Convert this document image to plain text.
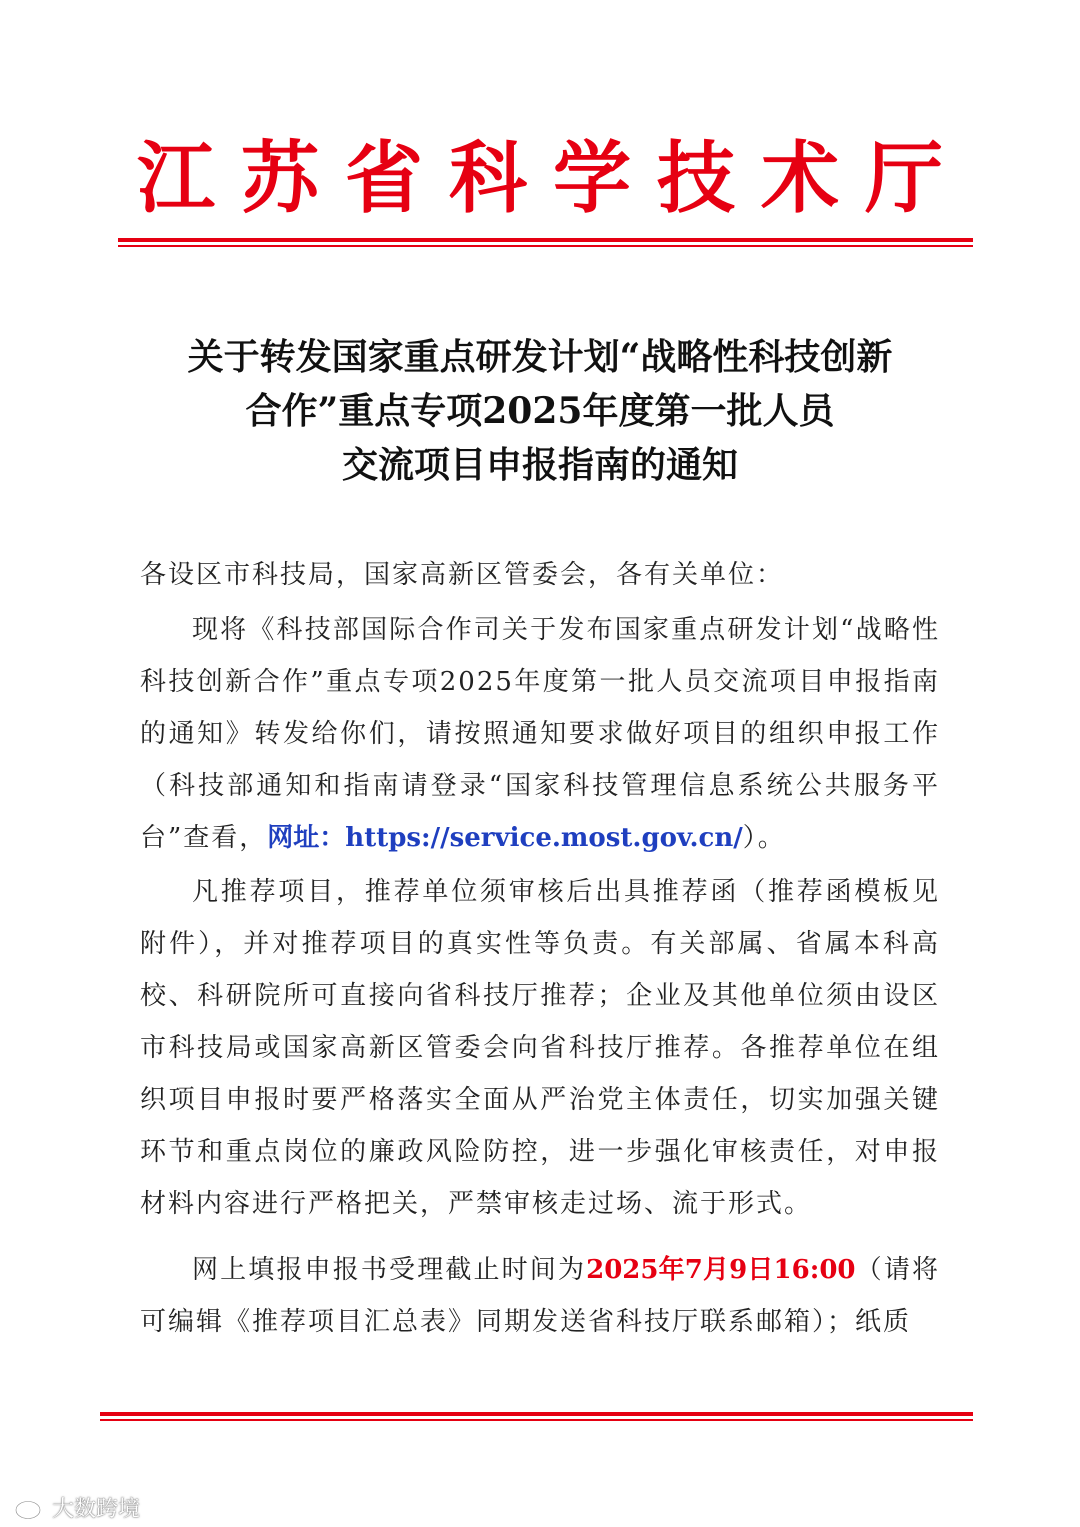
江苏省科学技术厅
关于转发国家重点研发计划“战略性科技创新
合作”重点专项2025年度第一批人员
交流项目申报指南的通知
各设区市科技局，国家高新区管委会，各有关单位：
现将《科技部国际合作司关于发布国家重点研发计划“战略性科技创新合作”重点专项2025年度第一批人员交流项目申报指南的通知》转发给你们，请按照通知要求做好项目的组织申报工作（科技部通知和指南请登录“国家科技管理信息系统公共服务平台”查看，网址：https://service.most.gov.cn/）。
凡推荐项目，推荐单位须审核后出具推荐函（推荐函模板见附件），并对推荐项目的真实性等负责。有关部属、省属本科高校、科研院所可直接向省科技厅推荐；企业及其他单位须由设区市科技局或国家高新区管委会向省科技厅推荐。各推荐单位在组织项目申报时要严格落实全面从严治党主体责任，切实加强关键环节和重点岗位的廉政风险防控，进一步强化审核责任，对申报材料内容进行严格把关，严禁审核走过场、流于形式。
网上填报申报书受理截止时间为2025年7月9日16:00（请将可编辑《推荐项目汇总表》同期发送省科技厅联系邮箱）；纸质
大数跨境
